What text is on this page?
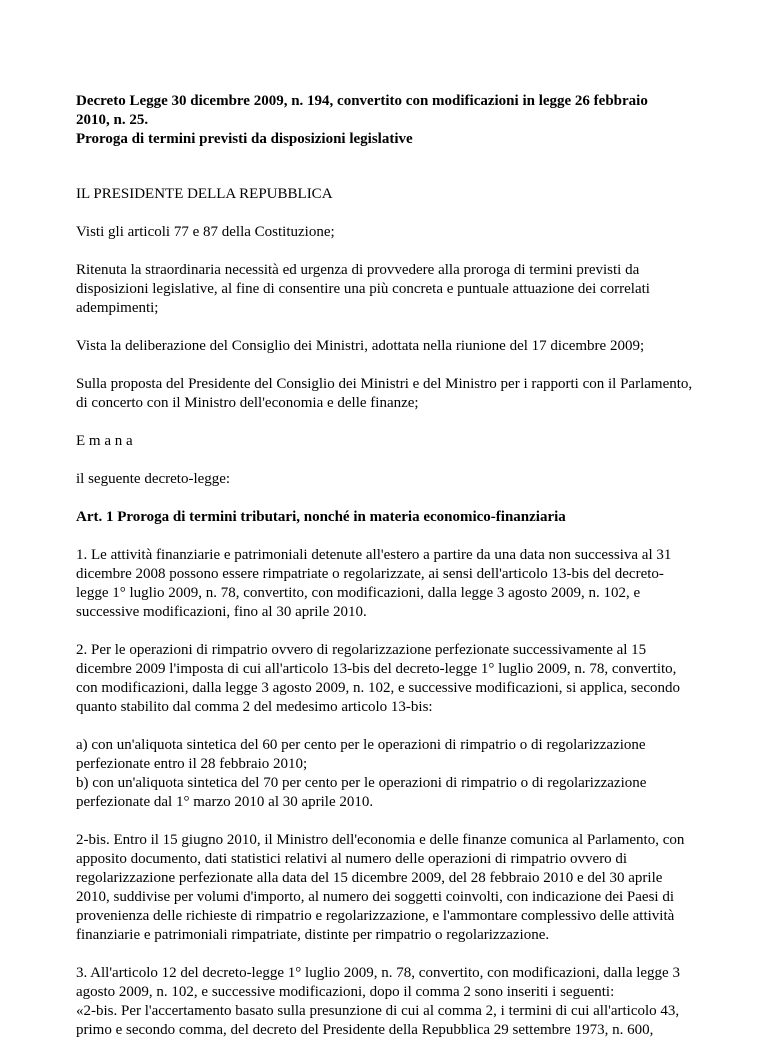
Decreto Legge 30 dicembre 2009, n. 194, convertito con modificazioni in legge 26 febbraio
2010, n. 25.

Proroga di termini previsti da disposizioni legislative

IL PRESIDENTE DELLA REPUBBLICA

Visti gli articoli 77 e 87 della Costituzione;

Ritenuta la straordinaria necessità ed urgenza di provvedere alla proroga di termini previsti da disposizioni legislative, al fine di consentire una più concreta e puntuale attuazione dei correlati adempimenti;

Vista la deliberazione del Consiglio dei Ministri, adottata nella riunione del 17 dicembre 2009;

Sulla proposta del Presidente del Consiglio dei Ministri e del Ministro per i rapporti con il Parlamento, di concerto con il Ministro dell'economia e delle finanze;

E m a n a

il seguente decreto-legge:

Art. 1 Proroga di termini tributari, nonché in materia economico-finanziaria

1. Le attività finanziarie e patrimoniali detenute all'estero a partire da una data non successiva al 31 dicembre 2008 possono essere rimpatriate o regolarizzate, ai sensi dell'articolo 13-bis del decreto-legge 1° luglio 2009, n. 78, convertito, con modificazioni, dalla legge 3 agosto 2009, n. 102, e successive modificazioni, fino al 30 aprile 2010.

2. Per le operazioni di rimpatrio ovvero di regolarizzazione perfezionate successivamente al 15 dicembre 2009 l'imposta di cui all'articolo 13-bis del decreto-legge 1° luglio 2009, n. 78, convertito, con modificazioni, dalla legge 3 agosto 2009, n. 102, e successive modificazioni, si applica, secondo quanto stabilito dal comma 2 del medesimo articolo 13-bis:

a) con un'aliquota sintetica del 60 per cento per le operazioni di rimpatrio o di regolarizzazione perfezionate entro il 28 febbraio 2010;
b) con un'aliquota sintetica del 70 per cento per le operazioni di rimpatrio o di regolarizzazione perfezionate dal 1° marzo 2010 al 30 aprile 2010.

2-bis. Entro il 15 giugno 2010, il Ministro dell'economia e delle finanze comunica al Parlamento, con apposito documento, dati statistici relativi al numero delle operazioni di rimpatrio ovvero di regolarizzazione perfezionate alla data del 15 dicembre 2009, del 28 febbraio 2010 e del 30 aprile 2010, suddivise per volumi d'importo, al numero dei soggetti coinvolti, con indicazione dei Paesi di provenienza delle richieste di rimpatrio e regolarizzazione, e l'ammontare complessivo delle attività finanziarie e patrimoniali rimpatriate, distinte per rimpatrio o regolarizzazione.

3. All'articolo 12 del decreto-legge 1° luglio 2009, n. 78, convertito, con modificazioni, dalla legge 3 agosto 2009, n. 102, e successive modificazioni, dopo il comma 2 sono inseriti i seguenti:
«2-bis. Per l'accertamento basato sulla presunzione di cui al comma 2, i termini di cui all'articolo 43, primo e secondo comma, del decreto del Presidente della Repubblica 29 settembre 1973, n. 600,
